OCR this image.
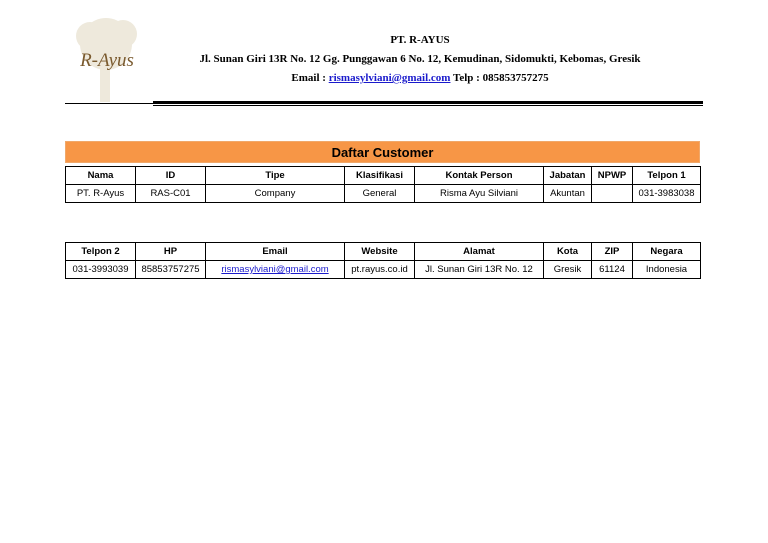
R-Ayus
PT. R-AYUS
Jl. Sunan Giri 13R No. 12 Gg. Punggawan 6 No. 12, Kemudinan, Sidomukti, Kebomas, Gresik
Email : rismasylviani@gmail.com Telp : 085853757275
Daftar Customer
Nama	ID	Tipe	Klasifikasi	Kontak Person	Jabatan	NPWP	Telpon 1
PT. R-Ayus	RAS-C01	Company	General	Risma Ayu Silviani	Akuntan		031-3983038
Telpon 2	HP	Email	Website	Alamat	Kota	ZIP	Negara
031-3993039	85853757275	rismasylviani@gmail.com	pt.rayus.co.id	Jl. Sunan Giri 13R No. 12	Gresik	61124	Indonesia
